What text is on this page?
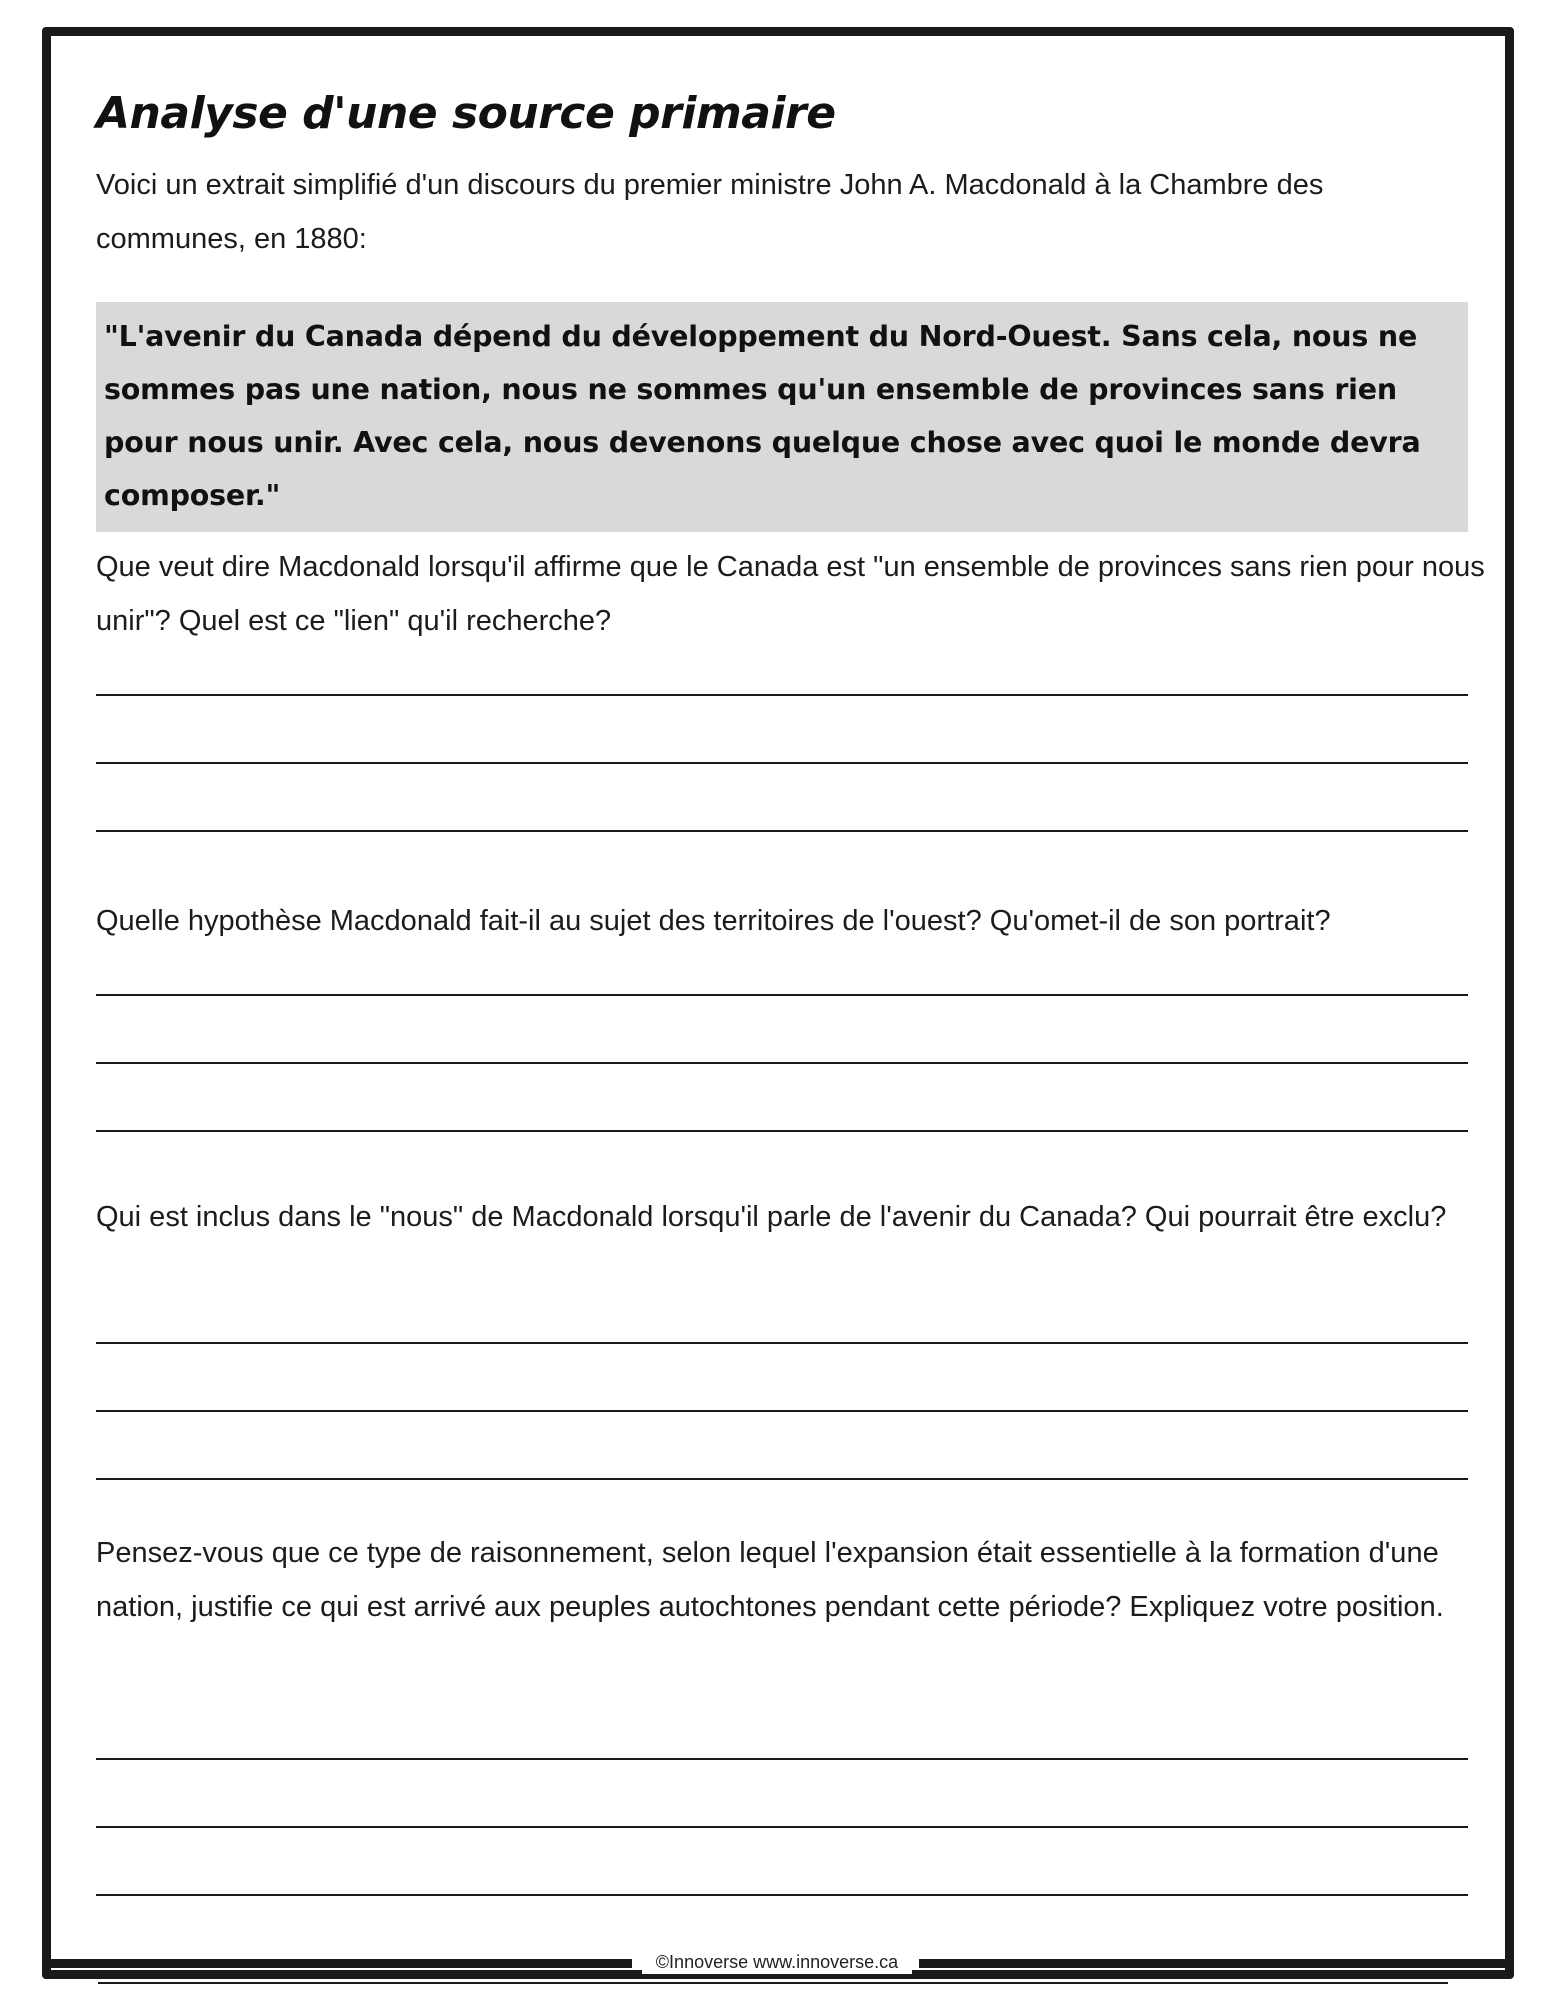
Analyse d'une source primaire
Voici un extrait simplifié d'un discours du premier ministre John A. Macdonald à la Chambre des communes, en 1880:
"L'avenir du Canada dépend du développement du Nord-Ouest. Sans cela, nous ne sommes pas une nation, nous ne sommes qu'un ensemble de provinces sans rien pour nous unir. Avec cela, nous devenons quelque chose avec quoi le monde devra composer."
Que veut dire Macdonald lorsqu'il affirme que le Canada est "un ensemble de provinces sans rien pour nous unir"? Quel est ce "lien" qu'il recherche?
Quelle hypothèse Macdonald fait-il au sujet des territoires de l'ouest? Qu'omet-il de son portrait?
Qui est inclus dans le "nous" de Macdonald lorsqu'il parle de l'avenir du Canada? Qui pourrait être exclu?
Pensez-vous que ce type de raisonnement, selon lequel l'expansion était essentielle à la formation d'une nation, justifie ce qui est arrivé aux peuples autochtones pendant cette période? Expliquez votre position.
©Innoverse www.innoverse.ca
